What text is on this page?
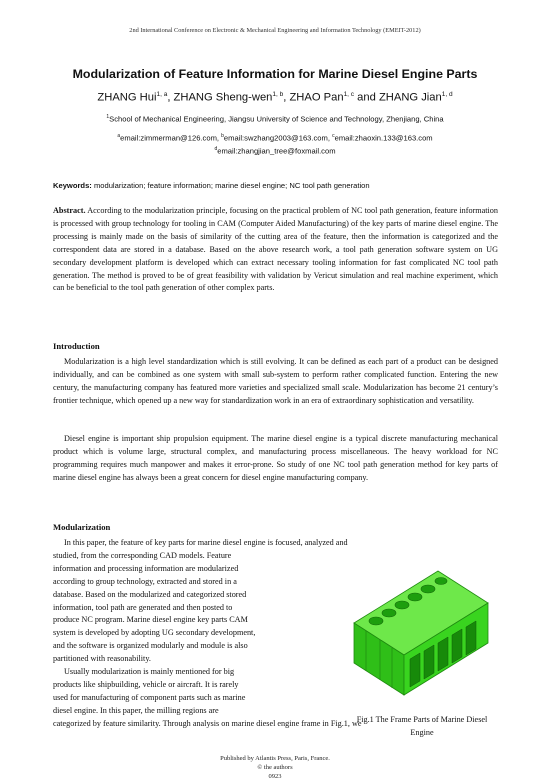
2nd International Conference on Electronic & Mechanical Engineering and Information Technology (EMEIT-2012)
Modularization of Feature Information for Marine Diesel Engine Parts
ZHANG Hui$^{1, a}$, ZHANG Sheng-wen$^{1, b}$, ZHAO Pan$^{1, c}$ and ZHANG Jian$^{1, d}$
$^1$School of Mechanical Engineering, Jiangsu University of Science and Technology, Zhenjiang, China
$^a$email:zimmerman@126.com, $^b$email:swzhang2003@163.com, $^c$email:zhaoxin.133@163.com
$^d$email:zhangjian_tree@foxmail.com
Keywords: modularization; feature information; marine diesel engine; NC tool path generation
Abstract. According to the modularization principle, focusing on the practical problem of NC tool path generation, feature information is processed with group technology for tooling in CAM (Computer Aided Manufacturing) of the key parts of marine diesel engine. The processing is mainly made on the basis of similarity of the cutting area of the feature, then the information is categorized and the correspondent data are stored in a database. Based on the above research work, a tool path generation software system on UG secondary development platform is developed which can extract necessary tooling information for fast complicated NC tool path generation. The method is proved to be of great feasibility with validation by Vericut simulation and real machine experiment, which can be beneficial to the tool path generation of other complex parts.
Introduction
Modularization is a high level standardization which is still evolving. It can be defined as each part of a product can be designed individually, and can be combined as one system with small sub-system to perform rather complicated function. Entering the new century, the manufacturing company has featured more varieties and specialized small scale. Modularization has become 21 century’s frontier technique, which opened up a new way for standardization work in an era of extraordinary sophistication and versatility.
Diesel engine is important ship propulsion equipment. The marine diesel engine is a typical discrete manufacturing mechanical product which is volume large, structural complex, and manufacturing process miscellaneous. The heavy workload for NC programming requires much manpower and makes it error-prone. So study of one NC tool path generation method for key parts of marine diesel engine has always been a great concern for diesel engine manufacturing company.
Modularization
In this paper, the feature of key parts for marine diesel engine is focused, analyzed and
studied, from the corresponding CAD models. Feature
information and processing information are modularized
according to group technology, extracted and stored in a
database. Based on the modularized and categorized stored
information, tool path are generated and then posted to
produce NC program. Marine diesel engine key parts CAM
system is developed by adopting UG secondary development,
and the software is organized modularly and module is also
partitioned with reasonability.
Usually modularization is mainly mentioned for big
products like shipbuilding, vehicle or aircraft. It is rarely
used for manufacturing of component parts such as marine
diesel engine. In this paper, the milling regions are
categorized by feature similarity. Through analysis on marine diesel engine frame in Fig.1, we
Fig.1 The Frame Parts of Marine Diesel Engine
Published by Atlantis Press, Paris, France.
© the authors
0923
